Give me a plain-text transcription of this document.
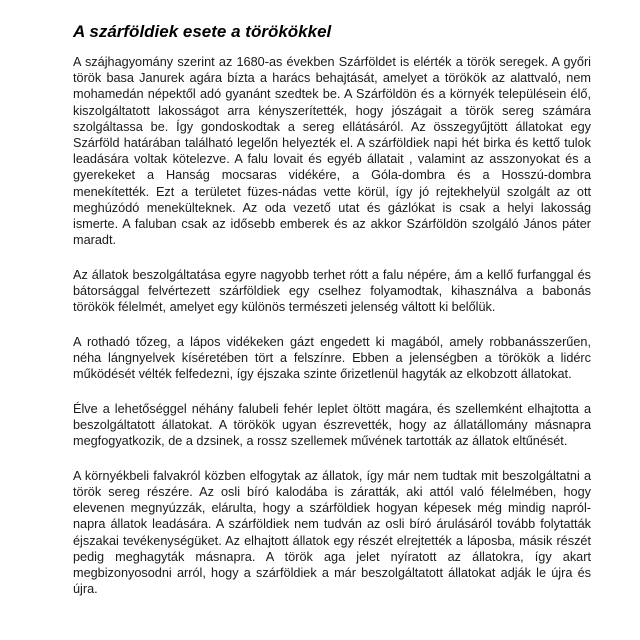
A szárföldiek esete a törökökkel

A szájhagyomány szerint az 1680-as években Szárföldet is elérték a török seregek. A győri török basa Janurek agára bízta a harács behajtását, amelyet a törökök az alattvaló, nem mohamedán népektől adó gyanánt szedtek be. A Szárföldön és a környék településein élő, kiszolgáltatott lakosságot arra kényszerítették, hogy jószágait a török sereg számára szolgáltassa be. Így gondoskodtak a sereg ellátásáról. Az összegyűjtött állatokat egy Szárföld határában található legelőn helyezték el. A szárföldiek napi hét birka és kettő tulok leadására voltak kötelezve. A falu lovait és egyéb állatait , valamint az asszonyokat és a gyerekeket a Hanság mocsaras vidékére, a Góla-dombra és a Hosszú-dombra menekítették. Ezt a területet füzes-nádas vette körül, így jó rejtekhelyül szolgált az ott meghúzódó menekülteknek. Az oda vezető utat és gázlókat is csak a helyi lakosság ismerte. A faluban csak az idősebb emberek és az akkor Szárföldön szolgáló János páter maradt.

Az állatok beszolgáltatása egyre nagyobb terhet rótt a falu népére, ám a kellő furfanggal és bátorsággal felvértezett szárföldiek egy cselhez folyamodtak, kihasználva a babonás törökök félelmét, amelyet egy különös természeti jelenség váltott ki belőlük.

A rothadó tőzeg, a lápos vidékeken gázt engedett ki magából, amely robbanásszerűen, néha lángnyelvek kíséretében tört a felszínre. Ebben a jelenségben a törökök a lidérc működését vélték felfedezni, így éjszaka szinte őrizetlenül hagyták az elkobzott állatokat.

Élve a lehetőséggel néhány falubeli fehér leplet öltött magára, és szellemként elhajtotta a beszolgáltatott állatokat. A törökök ugyan észrevették, hogy az állatállomány másnapra megfogyatkozik, de a dzsinek, a rossz szellemek művének tartották az állatok eltűnését.

A környékbeli falvakról közben elfogytak az állatok, így már nem tudtak mit beszolgáltatni a török sereg részére. Az osli bíró kalodába is záratták, aki attól való félelmében, hogy elevenen megnyúzzák, elárulta, hogy a szárföldiek hogyan képesek még mindig napról-napra állatok leadására. A szárföldiek nem tudván az osli bíró árulásáról tovább folytatták éjszakai tevékenységüket. Az elhajtott állatok egy részét elrejtették a láposba, másik részét pedig meghagyták másnapra. A török aga jelet nyíratott az állatokra, így akart megbizonyosodni arról, hogy a szárföldiek a már beszolgáltatott állatokat adják le újra és újra.
